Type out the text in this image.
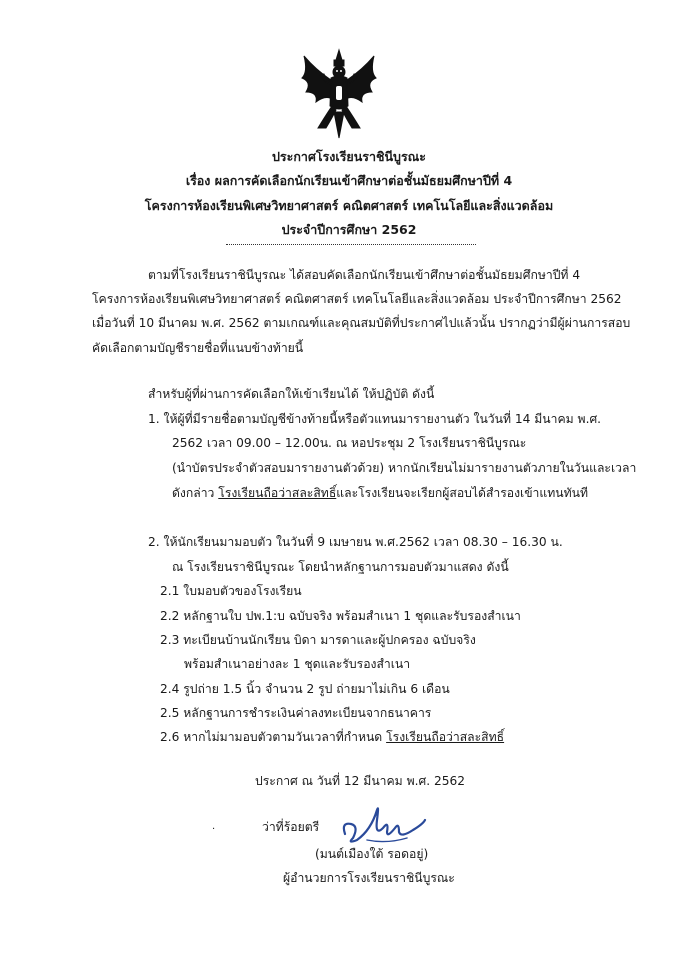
ประกาศโรงเรียนราชินีบูรณะ
เรื่อง ผลการคัดเลือกนักเรียนเข้าศึกษาต่อชั้นมัธยมศึกษาปีที่ 4
โครงการห้องเรียนพิเศษวิทยาศาสตร์ คณิตศาสตร์ เทคโนโลยีและสิ่งแวดล้อม
ประจำปีการศึกษา 2562
ตามที่โรงเรียนราชินีบูรณะ ได้สอบคัดเลือกนักเรียนเข้าศึกษาต่อชั้นมัธยมศึกษาปีที่ 4
โครงการห้องเรียนพิเศษวิทยาศาสตร์ คณิตศาสตร์ เทคโนโลยีและสิ่งแวดล้อม ประจำปีการศึกษา 2562
เมื่อวันที่ 10 มีนาคม พ.ศ. 2562 ตามเกณฑ์และคุณสมบัติที่ประกาศไปแล้วนั้น ปรากฏว่ามีผู้ผ่านการสอบ
คัดเลือกตามบัญชีรายชื่อที่แนบข้างท้ายนี้
สำหรับผู้ที่ผ่านการคัดเลือกให้เข้าเรียนได้ ให้ปฏิบัติ ดังนี้
1. ให้ผู้ที่มีรายชื่อตามบัญชีข้างท้ายนี้หรือตัวแทนมารายงานตัว ในวันที่ 14 มีนาคม พ.ศ.
2562 เวลา 09.00 – 12.00น. ณ หอประชุม 2 โรงเรียนราชินีบูรณะ
(นำบัตรประจำตัวสอบมารายงานตัวด้วย) หากนักเรียนไม่มารายงานตัวภายในวันและเวลา
ดังกล่าว โรงเรียนถือว่าสละสิทธิ์และโรงเรียนจะเรียกผู้สอบได้สำรองเข้าแทนทันที
2. ให้นักเรียนมามอบตัว ในวันที่ 9 เมษายน พ.ศ.2562 เวลา 08.30 – 16.30 น.
ณ โรงเรียนราชินีบูรณะ โดยนำหลักฐานการมอบตัวมาแสดง ดังนี้
2.1 ใบมอบตัวของโรงเรียน
2.2 หลักฐานใบ ปพ.1:บ ฉบับจริง พร้อมสำเนา 1 ชุดและรับรองสำเนา
2.3 ทะเบียนบ้านนักเรียน บิดา มารดาและผู้ปกครอง ฉบับจริง
พร้อมสำเนาอย่างละ 1 ชุดและรับรองสำเนา
2.4 รูปถ่าย 1.5 นิ้ว จำนวน 2 รูป ถ่ายมาไม่เกิน 6 เดือน
2.5 หลักฐานการชำระเงินค่าลงทะเบียนจากธนาคาร
2.6 หากไม่มามอบตัวตามวันเวลาที่กำหนด โรงเรียนถือว่าสละสิทธิ์
ประกาศ ณ วันที่ 12 มีนาคม พ.ศ. 2562
.	ว่าที่ร้อยตรี
(มนต์เมืองใต้ รอดอยู่)
ผู้อำนวยการโรงเรียนราชินีบูรณะ
